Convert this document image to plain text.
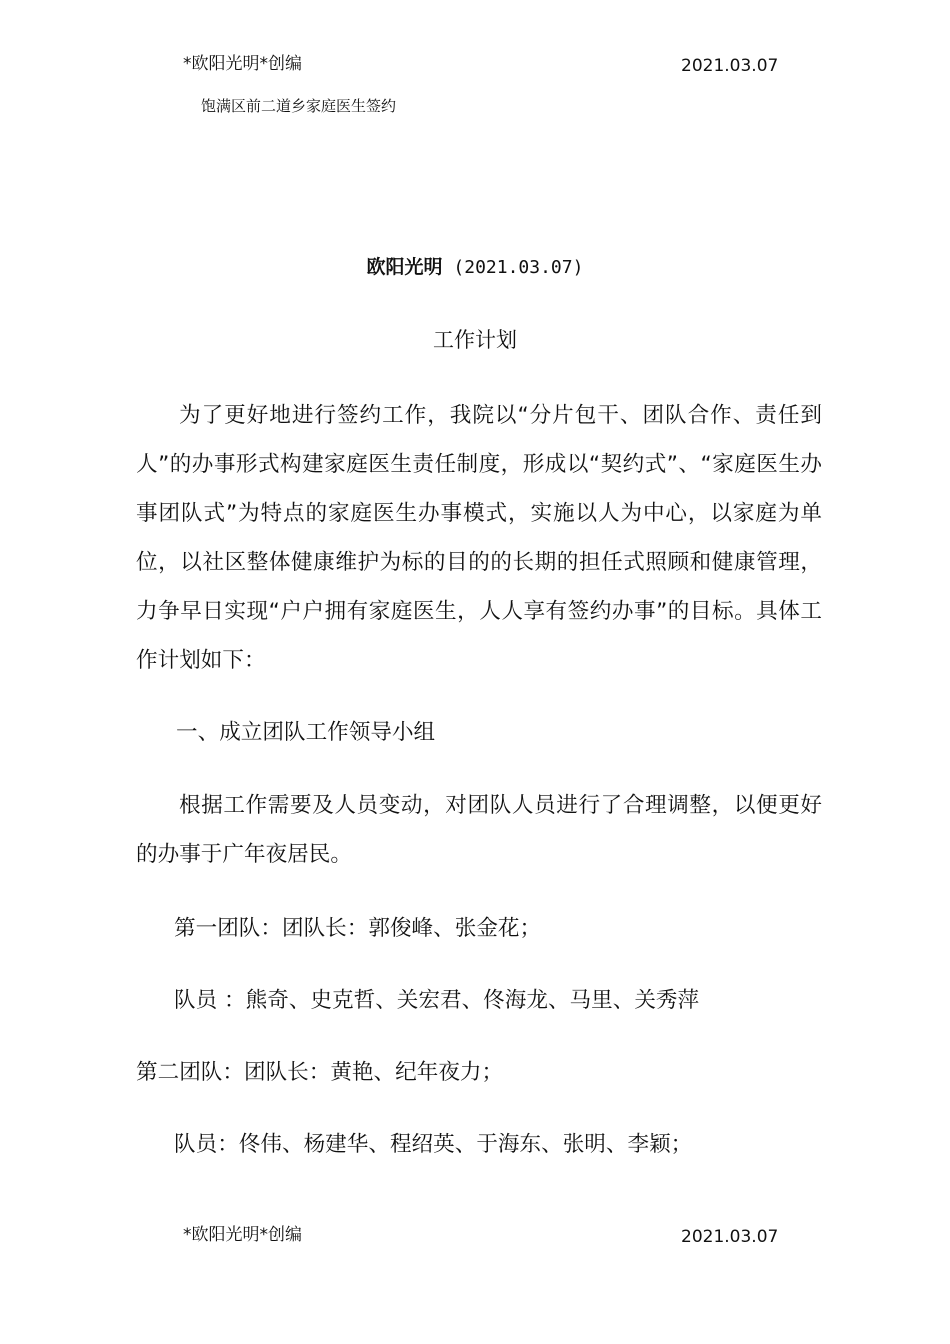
*欧阳光明*创编	2021.03.07
饱满区前二道乡家庭医生签约
欧阳光明 (2021.03.07)
工作计划
为了更好地进行签约工作，我院以“分片包干、团队合作、责任到人”的办事形式构建家庭医生责任制度，形成以“契约式”、“家庭医生办事团队式”为特点的家庭医生办事模式，实施以人为中心，以家庭为单位，以社区整体健康维护为标的目的的长期的担任式照顾和健康管理，力争早日实现“户户拥有家庭医生，人人享有签约办事”的目标。具体工作计划如下：
一、成立团队工作领导小组
根据工作需要及人员变动，对团队人员进行了合理调整，以便更好的办事于广年夜居民。
第一团队：团队长：郭俊峰、张金花；
队员 ：熊奇、史克哲、关宏君、佟海龙、马里、关秀萍
第二团队：团队长：黄艳、纪年夜力；
队员：佟伟、杨建华、程绍英、于海东、张明、李颖；
*欧阳光明*创编	2021.03.07
